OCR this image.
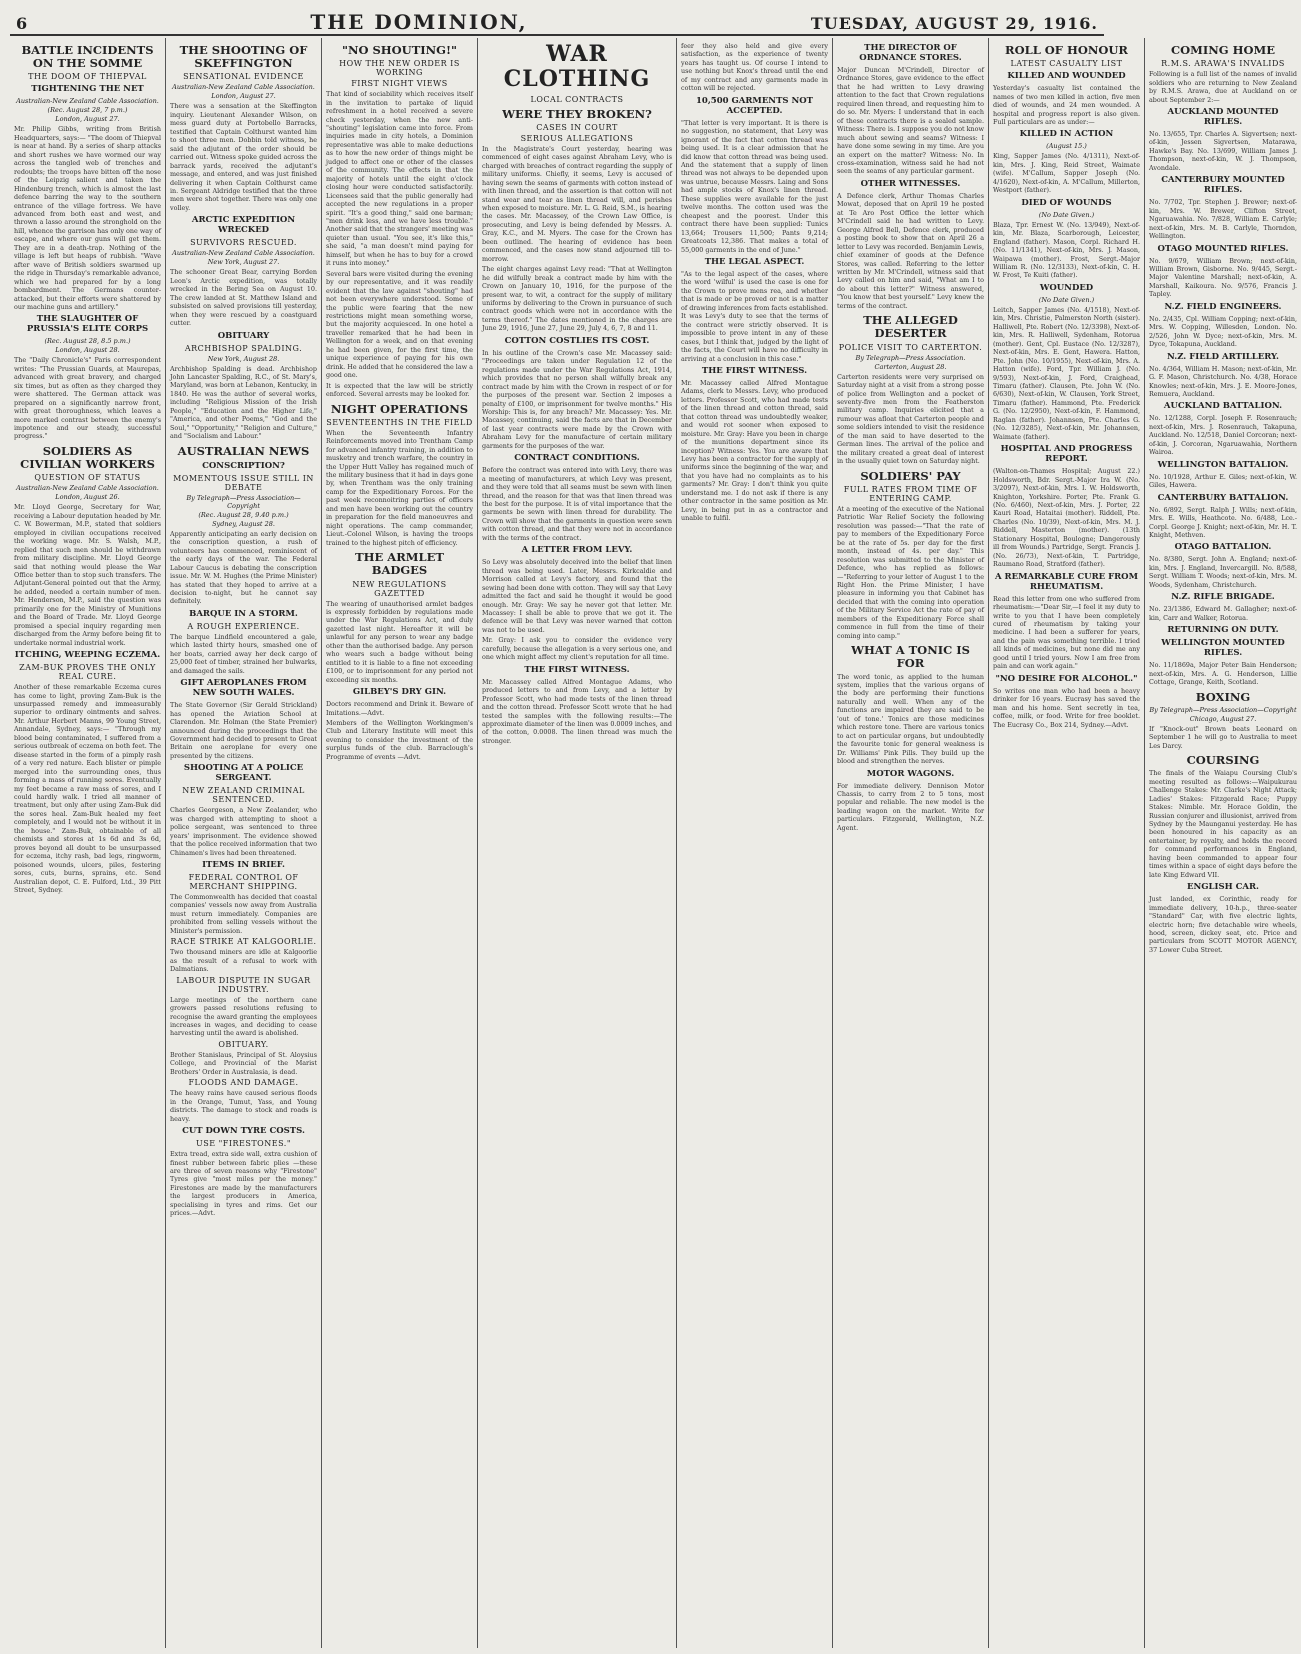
6	THE DOMINION,	TUESDAY, AUGUST 29, 1916.
BATTLE INCIDENTS ON THE SOMME
THE DOOM OF THIEPVAL
TIGHTENING THE NET
Australian-New Zealand Cable Association.
(Rec. August 28, 7 p.m.)
London, August 27.
Mr. Philip Gibbs, writing from British Headquarters, says:— "The doom of Thiepval is near at hand. By a series of sharp attacks and short rushes we have wormed our way across the tangled web of trenches and redoubts; the troops have bitten off the nose of the Leipzig salient and taken the Hindenburg trench, which is almost the last defence barring the way to the southern entrance of the village fortress. We have advanced from both east and west, and thrown a lasso around the stronghold on the hill, whence the garrison has only one way of escape, and where our guns will get them. They are in a death-trap. Nothing of the village is left but heaps of rubbish. "Wave after wave of British soldiers swarmed up the ridge in Thursday's remarkable advance, which we had prepared for by a long bombardment. The Germans counter-attacked, but their efforts were shattered by our machine guns and artillery."
THE SLAUGHTER OF PRUSSIA'S ELITE CORPS
(Rec. August 28, 8.5 p.m.)
London, August 28.
The "Daily Chronicle's" Paris correspondent writes: "The Prussian Guards, at Maurepas, advanced with great bravery, and charged six times, but as often as they charged they were shattered. The German attack was prepared on a significantly narrow front, with great thoroughness, which leaves a more marked contrast between the enemy's impotence and our steady, successful progress."
SOLDIERS AS CIVILIAN WORKERS
QUESTION OF STATUS
Australian-New Zealand Cable Association.
London, August 26.
Mr. Lloyd George, Secretary for War, receiving a Labour deputation headed by Mr. C. W. Bowerman, M.P., stated that soldiers employed in civilian occupations received the working wage. Mr. S. Walsh, M.P., replied that such men should be withdrawn from military discipline. Mr. Lloyd George said that nothing would please the War Office better than to stop such transfers. The Adjutant-General pointed out that the Army, he added, needed a certain number of men. Mr. Henderson, M.P., said the question was primarily one for the Ministry of Munitions and the Board of Trade. Mr. Lloyd George promised a special inquiry regarding men discharged from the Army before being fit to undertake normal industrial work.
ITCHING, WEEPING ECZEMA.
ZAM-BUK PROVES THE ONLY REAL CURE.
Another of these remarkable Eczema cures has come to light, proving Zam-Buk is the unsurpassed remedy and immeasurably superior to ordinary ointments and salves. Mr. Arthur Herbert Manns, 99 Young Street, Annandale, Sydney, says:— "Through my blood being contaminated, I suffered from a serious outbreak of eczema on both feet. The disease started in the form of a pimply rash of a very red nature. Each blister or pimple merged into the surrounding ones, thus forming a mass of running sores. Eventually my feet became a raw mass of sores, and I could hardly walk. I tried all manner of treatment, but only after using Zam-Buk did the sores heal. Zam-Buk healed my feet completely, and I would not be without it in the house." Zam-Buk, obtainable of all chemists and stores at 1s 6d and 3s 6d, proves beyond all doubt to be unsurpassed for eczema, itchy rash, bad legs, ringworm, poisoned wounds, ulcers, piles, festering sores, cuts, burns, sprains, etc. Send Australian depot, C. E. Fulford, Ltd., 39 Pitt Street, Sydney.
THE SHOOTING OF SKEFFINGTON
SENSATIONAL EVIDENCE
Australian-New Zealand Cable Association.
London, August 27.
There was a sensation at the Skeffington inquiry. Lieutenant Alexander Wilson, on mess guard duty at Portobello Barracks, testified that Captain Colthurst wanted him to shoot three men. Dobbin told witness, he said the adjutant of the order should be carried out. Witness spoke guided across the barrack yards, received the adjutant's message, and entered, and was just finished delivering it when Captain Colthurst came in. Sergeant Aldridge testified that the three men were shot together. There was only one volley.
ARCTIC EXPEDITION WRECKED
SURVIVORS RESCUED.
Australian-New Zealand Cable Association.
New York, August 27.
The schooner Great Bear, carrying Borden Leon's Arctic expedition, was totally wrecked in the Bering Sea on August 10. The crew landed at St. Matthew Island and subsisted on salved provisions till yesterday, when they were rescued by a coastguard cutter.
OBITUARY
ARCHBISHOP SPALDING.
New York, August 28.
Archbishop Spalding is dead. Archbishop John Lancaster Spalding, R.C., of St. Mary's, Maryland, was born at Lebanon, Kentucky, in 1840. He was the author of several works, including "Religious Mission of the Irish People," "Education and the Higher Life," "America, and other Poems," "God and the Soul," "Opportunity," "Religion and Culture," and "Socialism and Labour."
AUSTRALIAN NEWS
CONSCRIPTION?
MOMENTOUS ISSUE STILL IN DEBATE
By Telegraph—Press Association—Copyright
(Rec. August 28, 9.40 p.m.)
Sydney, August 28.
Apparently anticipating an early decision on the conscription question, a rush of volunteers has commenced, reminiscent of the early days of the war. The Federal Labour Caucus is debating the conscription issue. Mr. W. M. Hughes (the Prime Minister) has stated that they hoped to arrive at a decision to-night, but he cannot say definitely.
BARQUE IN A STORM.
A ROUGH EXPERIENCE.
The barque Lindfield encountered a gale, which lasted thirty hours, smashed one of her boats, carried away her deck cargo of 25,000 feet of timber, strained her bulwarks, and damaged the sails.
GIFT AEROPLANES FROM NEW SOUTH WALES.
The State Governor (Sir Gerald Strickland) has opened the Aviation School at Clarendon. Mr. Holman (the State Premier) announced during the proceedings that the Government had decided to present to Great Britain one aeroplane for every one presented by the citizens.
SHOOTING AT A POLICE SERGEANT.
NEW ZEALAND CRIMINAL SENTENCED.
Charles Georgeson, a New Zealander, who was charged with attempting to shoot a police sergeant, was sentenced to three years' imprisonment. The evidence showed that the police received information that two Chinamen's lives had been threatened.
ITEMS IN BRIEF.
FEDERAL CONTROL OF MERCHANT SHIPPING.
The Commonwealth has decided that coastal companies' vessels now away from Australia must return immediately. Companies are prohibited from selling vessels without the Minister's permission.
RACE STRIKE AT KALGOORLIE.
Two thousand miners are idle at Kalgoorlie as the result of a refusal to work with Dalmatians.
LABOUR DISPUTE IN SUGAR INDUSTRY.
Large meetings of the northern cane growers passed resolutions refusing to recognise the award granting the employees increases in wages, and deciding to cease harvesting until the award is abolished.
OBITUARY.
Brother Stanislaus, Principal of St. Aloysius College, and Provincial of the Marist Brothers' Order in Australasia, is dead.
FLOODS AND DAMAGE.
The heavy rains have caused serious floods in the Orange, Tumut, Yass, and Young districts. The damage to stock and roads is heavy.
CUT DOWN TYRE COSTS.
USE "FIRESTONES."
Extra tread, extra side wall, extra cushion of finest rubber between fabric plies —these are three of seven reasons why "Firestone" Tyres give "most miles per the money." Firestones are made by the manufacturers the largest producers in America, specialising in tyres and rims. Get our prices.—Advt.
"NO SHOUTING!"
HOW THE NEW ORDER IS WORKING
FIRST NIGHT VIEWS
That kind of sociability which receives itself in the invitation to partake of liquid refreshment in a hotel received a severe check yesterday, when the new anti-"shouting" legislation came into force. From inquiries made in city hotels, a Dominion representative was able to make deductions as to how the new order of things might be judged to affect one or other of the classes of the community. The effects in that the majority of hotels until the eight o'clock closing hour were conducted satisfactorily. Licensees said that the public generally had accepted the new regulations in a proper spirit. "It's a good thing," said one barman; "men drink less, and we have less trouble." Another said that the strangers' meeting was quieter than usual. "You see, it's like this," she said, "a man doesn't mind paying for himself, but when he has to buy for a crowd it runs into money."
Several bars were visited during the evening by our representative, and it was readily evident that the law against "shouting" had not been everywhere understood. Some of the public were fearing that the new restrictions might mean something worse, but the majority acquiesced. In one hotel a traveller remarked that he had been in Wellington for a week, and on that evening he had been given, for the first time, the unique experience of paying for his own drink. He added that he considered the law a good one.
It is expected that the law will be strictly enforced. Several arrests may be looked for.
NIGHT OPERATIONS
SEVENTEENTHS IN THE FIELD
When the Seventeenth Infantry Reinforcements moved into Trentham Camp for advanced infantry training, in addition to musketry and trench warfare, the country in the Upper Hutt Valley has regained much of the military business that it had in days gone by, when Trentham was the only training camp for the Expeditionary Forces. For the past week reconnoitring parties of officers and men have been working out the country in preparation for the field manoeuvres and night operations. The camp commander, Lieut.-Colonel Wilson, is having the troops trained to the highest pitch of efficiency.
THE ARMLET BADGES
NEW REGULATIONS GAZETTED
The wearing of unauthorised armlet badges is expressly forbidden by regulations made under the War Regulations Act, and duly gazetted last night. Hereafter it will be unlawful for any person to wear any badge other than the authorised badge. Any person who wears such a badge without being entitled to it is liable to a fine not exceeding £100, or to imprisonment for any period not exceeding six months.
GILBEY'S DRY GIN.
Doctors recommend and Drink it. Beware of Imitations.—Advt.
Members of the Wellington Workingmen's Club and Literary Institute will meet this evening to consider the investment of the surplus funds of the club. Barraclough's Programme of events —Advt.
WAR CLOTHING
LOCAL CONTRACTS
WERE THEY BROKEN?
CASES IN COURT
SERIOUS ALLEGATIONS
In the Magistrate's Court yesterday, hearing was commenced of eight cases against Abraham Levy, who is charged with breaches of contract regarding the supply of military uniforms. Chiefly, it seems, Levy is accused of having sewn the seams of garments with cotton instead of with linen thread, and the assertion is that cotton will not stand wear and tear as linen thread will, and perishes when exposed to moisture. Mr. L. G. Reid, S.M., is hearing the cases. Mr. Macassey, of the Crown Law Office, is prosecuting, and Levy is being defended by Messrs. A. Gray, K.C., and M. Myers. The case for the Crown has been outlined. The hearing of evidence has been commenced, and the cases now stand adjourned till to-morrow.
The eight charges against Levy read: "That at Wellington he did wilfully break a contract made by him with the Crown on January 10, 1916, for the purpose of the present war, to wit, a contract for the supply of military uniforms by delivering to the Crown in pursuance of such contract goods which were not in accordance with the terms thereof." The dates mentioned in the charges are June 29, 1916, June 27, June 29, July 4, 6, 7, 8 and 11.
COTTON COSTLIES ITS COST.
In his outline of the Crown's case Mr. Macassey said: "Proceedings are taken under Regulation 12 of the regulations made under the War Regulations Act, 1914, which provides that no person shall wilfully break any contract made by him with the Crown in respect of or for the purposes of the present war. Section 2 imposes a penalty of £100, or imprisonment for twelve months." His Worship: This is, for any breach? Mr. Macassey: Yes. Mr. Macassey, continuing, said the facts are that in December of last year contracts were made by the Crown with Abraham Levy for the manufacture of certain military garments for the purposes of the war.
CONTRACT CONDITIONS.
Before the contract was entered into with Levy, there was a meeting of manufacturers, at which Levy was present, and they were told that all seams must be sewn with linen thread, and the reason for that was that linen thread was the best for the purpose. It is of vital importance that the garments be sewn with linen thread for durability. The Crown will show that the garments in question were sewn with cotton thread, and that they were not in accordance with the terms of the contract.
A LETTER FROM LEVY.
So Levy was absolutely deceived into the belief that linen thread was being used. Later, Messrs. Kirkcaldie and Morrison called at Levy's factory, and found that the sewing had been done with cotton. They will say that Levy admitted the fact and said he thought it would be good enough. Mr. Gray: We say he never got that letter. Mr. Macassey: I shall be able to prove that we got it. The defence will be that Levy was never warned that cotton was not to be used.
Mr. Gray: I ask you to consider the evidence very carefully, because the allegation is a very serious one, and one which might affect my client's reputation for all time.
THE FIRST WITNESS.
Mr. Macassey called Alfred Montague Adams, who produced letters to and from Levy, and a letter by Professor Scott, who had made tests of the linen thread and the cotton thread. Professor Scott wrote that he had tested the samples with the following results:—The approximate diameter of the linen was 0.0009 inches, and of the cotton, 0.0008. The linen thread was much the stronger.
feer they also held and give every satisfaction, as the experience of twenty years has taught us. Of course I intend to use nothing but Knox's thread until the end of my contract and any garments made in cotton will be rejected.
10,500 GARMENTS NOT ACCEPTED.
"That letter is very important. It is there is no suggestion, no statement, that Levy was ignorant of the fact that cotton thread was being used. It is a clear admission that he did know that cotton thread was being used. And the statement that a supply of linen thread was not always to be depended upon was untrue, because Messrs. Laing and Sons had ample stocks of Knox's linen thread. These supplies were available for the just twelve months. The cotton used was the cheapest and the poorest. Under this contract there have been supplied: Tunics 13,664; Trousers 11,500; Pants 9,214; Greatcoats 12,386. That makes a total of 55,000 garments in the end of June."
THE LEGAL ASPECT.
"As to the legal aspect of the cases, where the word 'wilful' is used the case is one for the Crown to prove mens rea, and whether that is made or be proved or not is a matter of drawing inferences from facts established. It was Levy's duty to see that the terms of the contract were strictly observed. It is impossible to prove intent in any of these cases, but I think that, judged by the light of the facts, the Court will have no difficulty in arriving at a conclusion in this case."
THE FIRST WITNESS.
Mr. Macassey called Alfred Montague Adams, clerk to Messrs. Levy, who produced letters. Professor Scott, who had made tests of the linen thread and cotton thread, said that cotton thread was undoubtedly weaker, and would rot sooner when exposed to moisture. Mr. Gray: Have you been in charge of the munitions department since its inception? Witness: Yes. You are aware that Levy has been a contractor for the supply of uniforms since the beginning of the war, and that you have had no complaints as to his garments? Mr. Gray: I don't think you quite understand me. I do not ask if there is any other contractor in the same position as Mr. Levy, in being put in as a contractor and unable to fulfil.
THE DIRECTOR OF ORDNANCE STORES.
Major Duncan M'Crindell, Director of Ordnance Stores, gave evidence to the effect that he had written to Levy drawing attention to the fact that Crown regulations required linen thread, and requesting him to do so. Mr. Myers: I understand that in each of these contracts there is a sealed sample. Witness: There is. I suppose you do not know much about sewing and seams? Witness: I have done some sewing in my time. Are you an expert on the matter? Witness: No. In cross-examination, witness said he had not seen the seams of any particular garment.
OTHER WITNESSES.
A Defence clerk, Arthur Thomas Charles Mowat, deposed that on April 19 he posted at Te Aro Post Office the letter which M'Crindell said he had written to Levy. George Alfred Bell, Defence clerk, produced a posting book to show that on April 26 a letter to Levy was recorded. Benjamin Lewis, chief examiner of goods at the Defence Stores, was called. Referring to the letter written by Mr. M'Crindell, witness said that Levy called on him and said, "What am I to do about this letter?" Witness answered, "You know that best yourself." Levy knew the terms of the contract.
THE ALLEGED DESERTER
POLICE VISIT TO CARTERTON.
By Telegraph—Press Association.
Carterton, August 28.
Carterton residents were very surprised on Saturday night at a visit from a strong posse of police from Wellington and a pocket of seventy-five men from the Featherston military camp. Inquiries elicited that a rumour was afloat that Carterton people and some soldiers intended to visit the residence of the man said to have deserted to the German lines. The arrival of the police and the military created a great deal of interest in the usually quiet town on Saturday night.
SOLDIERS' PAY
FULL RATES FROM TIME OF ENTERING CAMP.
At a meeting of the executive of the National Patriotic War Relief Society the following resolution was passed:—"That the rate of pay to members of the Expeditionary Force be at the rate of 5s. per day for the first month, instead of 4s. per day." This resolution was submitted to the Minister of Defence, who has replied as follows:—"Referring to your letter of August 1 to the Right Hon. the Prime Minister, I have pleasure in informing you that Cabinet has decided that with the coming into operation of the Military Service Act the rate of pay of members of the Expeditionary Force shall commence in full from the time of their coming into camp."
WHAT A TONIC IS FOR
The word tonic, as applied to the human system, implies that the various organs of the body are performing their functions naturally and well. When any of the functions are impaired they are said to be 'out of tone.' Tonics are those medicines which restore tone. There are various tonics to act on particular organs, but undoubtedly the favourite tonic for general weakness is Dr. Williams' Pink Pills. They build up the blood and strengthen the nerves.
MOTOR WAGONS.
For immediate delivery. Dennison Motor Chassis, to carry from 2 to 5 tons, most popular and reliable. The new model is the leading wagon on the market. Write for particulars. Fitzgerald, Wellington, N.Z. Agent.
ROLL OF HONOUR
LATEST CASUALTY LIST
KILLED AND WOUNDED
Yesterday's casualty list contained the names of two men killed in action, five men died of wounds, and 24 men wounded. A hospital and progress report is also given. Full particulars are as under:—
KILLED IN ACTION
(August 15.)
King, Sapper James (No. 4/1311), Next-of-kin, Mrs. J. King, Reid Street, Waimate (wife). M'Callum, Sapper Joseph (No. 4/1620), Next-of-kin, A. M'Callum, Millerton, Westport (father).
DIED OF WOUNDS
(No Date Given.)
Blaza, Tpr. Ernest W. (No. 13/949), Next-of-kin, Mr. Blaza, Scarborough, Leicester, England (father). Mason, Corpl. Richard H. (No. 11/1341), Next-of-kin, Mrs. J. Mason, Waipawa (mother). Frost, Sergt.-Major William R. (No. 12/3133), Next-of-kin, C. H. W. Frost, Te Kuiti (father).
WOUNDED
(No Date Given.)
Leitch, Sapper James (No. 4/1518), Next-of-kin, Mrs. Christie, Palmerston North (sister). Halliwell, Pte. Robert (No. 12/3398), Next-of-kin, Mrs. R. Halliwell, Sydenham, Rotorua (mother). Gent, Cpl. Eustace (No. 12/3287), Next-of-kin, Mrs. E. Gent, Hawera. Hatton, Pte. John (No. 10/1955), Next-of-kin, Mrs. A. Hatton (wife). Ford, Tpr. William J. (No. 9/593), Next-of-kin, J. Ford, Craighead, Timaru (father). Clausen, Pte. John W. (No. 6/630), Next-of-kin, W. Clausen, York Street, Timaru (father). Hammond, Pte. Frederick G. (No. 12/2950), Next-of-kin, F. Hammond, Raglan (father). Johannsen, Pte. Charles G. (No. 12/3285), Next-of-kin, Mr. Johannsen, Waimate (father).
HOSPITAL AND PROGRESS REPORT.
(Walton-on-Thames Hospital; August 22.) Holdsworth, Bdr. Sergt.-Major Ira W. (No. 3/2097), Next-of-kin, Mrs. I. W. Holdsworth, Knighton, Yorkshire. Porter, Pte. Frank G. (No. 6/460), Next-of-kin, Mrs. J. Porter, 22 Kauri Road, Hataitai (mother). Riddell, Pte. Charles (No. 10/39), Next-of-kin, Mrs. M. J. Riddell, Masterton (mother). (13th Stationary Hospital, Boulogne; Dangerously ill from Wounds.) Partridge, Sergt. Francis J. (No. 26/73), Next-of-kin, T. Partridge, Raumano Road, Stratford (father).
A REMARKABLE CURE FROM RHEUMATISM.
Read this letter from one who suffered from rheumatism:—"Dear Sir,—I feel it my duty to write to you that I have been completely cured of rheumatism by taking your medicine. I had been a sufferer for years, and the pain was something terrible. I tried all kinds of medicines, but none did me any good until I tried yours. Now I am free from pain and can work again."
"NO DESIRE FOR ALCOHOL."
So writes one man who had been a heavy drinker for 16 years. Eucrasy has saved the man and his home. Sent secretly in tea, coffee, milk, or food. Write for free booklet. The Eucrasy Co., Box 214, Sydney.—Advt.
COMING HOME
R.M.S. ARAWA'S INVALIDS
Following is a full list of the names of invalid soldiers who are returning to New Zealand by R.M.S. Arawa, due at Auckland on or about September 2:—
AUCKLAND MOUNTED RIFLES.
No. 13/655, Tpr. Charles A. Sigvertsen; next-of-kin, Jessen Sigvertsen, Matarawa, Hawke's Bay. No. 13/699, William James J. Thompson, next-of-kin, W. J. Thompson, Avondale.
CANTERBURY MOUNTED RIFLES.
No. 7/702, Tpr. Stephen J. Brewer; next-of-kin, Mrs. W. Brewer, Clifton Street, Ngaruawahia. No. 7/828, William E. Carlyle; next-of-kin, Mrs. M. B. Carlyle, Thorndon, Wellington.
OTAGO MOUNTED RIFLES.
No. 9/679, William Brown; next-of-kin, William Brown, Gisborne. No. 9/445, Sergt.-Major Valentine Marshall; next-of-kin, A. Marshall, Kaikoura. No. 9/576, Francis J. Tapley.
N.Z. FIELD ENGINEERS.
No. 2/435, Cpl. William Copping; next-of-kin, Mrs. W. Copping, Willesden, London. No. 2/526, John W. Dyce; next-of-kin, Mrs. M. Dyce, Tokapuna, Auckland.
N.Z. FIELD ARTILLERY.
No. 4/364, William H. Mason; next-of-kin, Mr. G. F. Mason, Christchurch. No. 4/38, Horace Knowles; next-of-kin, Mrs. J. E. Moore-Jones, Remuera, Auckland.
AUCKLAND BATTALION.
No. 12/1288, Corpl. Joseph F. Rosenrauch; next-of-kin, Mrs. J. Rosenrauch, Takapuna, Auckland. No. 12/518, Daniel Corcoran; next-of-kin, J. Corcoran, Ngaruawahia, Northern Wairoa.
WELLINGTON BATTALION.
No. 10/1928, Arthur E. Giles; next-of-kin, W. Giles, Hawera.
CANTERBURY BATTALION.
No. 6/892, Sergt. Ralph J. Wills; next-of-kin, Mrs. E. Wills, Heathcote. No. 6/488, Lce.-Corpl. George J. Knight; next-of-kin, Mr. H. T. Knight, Methven.
OTAGO BATTALION.
No. 8/380, Sergt. John A. England; next-of-kin, Mrs. J. England, Invercargill. No. 8/588, Sergt. William T. Woods; next-of-kin, Mrs. M. Woods, Sydenham, Christchurch.
N.Z. RIFLE BRIGADE.
No. 23/1386, Edward M. Gallagher; next-of-kin, Carr and Walker, Rotorua.
RETURNING ON DUTY.
WELLINGTON MOUNTED RIFLES.
No. 11/1869a, Major Peter Bain Henderson; next-of-kin, Mrs. A. G. Henderson, Lillie Cottage, Grange, Keith, Scotland.
BOXING
By Telegraph—Press Association—Copyright
Chicago, August 27.
If "Knock-out" Brown beats Leonard on September 1 he will go to Australia to meet Les Darcy.
COURSING
The finals of the Waiapu Coursing Club's meeting resulted as follows:—Waipukurau Challenge Stakes: Mr. Clarke's Night Attack; Ladies' Stakes: Fitzgerald Race; Puppy Stakes: Nimble. Mr. Horace Goldin, the Russian conjurer and illusionist, arrived from Sydney by the Maunganui yesterday. He has been honoured in his capacity as an entertainer, by royalty, and holds the record for command performances in England, having been commanded to appear four times within a space of eight days before the late King Edward VII.
ENGLISH CAR.
Just landed, ex Corinthic, ready for immediate delivery, 10-h.p., three-seater "Standard" Car, with five electric lights, electric horn; five detachable wire wheels, hood, screen, dickey seat, etc. Price and particulars from SCOTT MOTOR AGENCY, 37 Lower Cuba Street.
